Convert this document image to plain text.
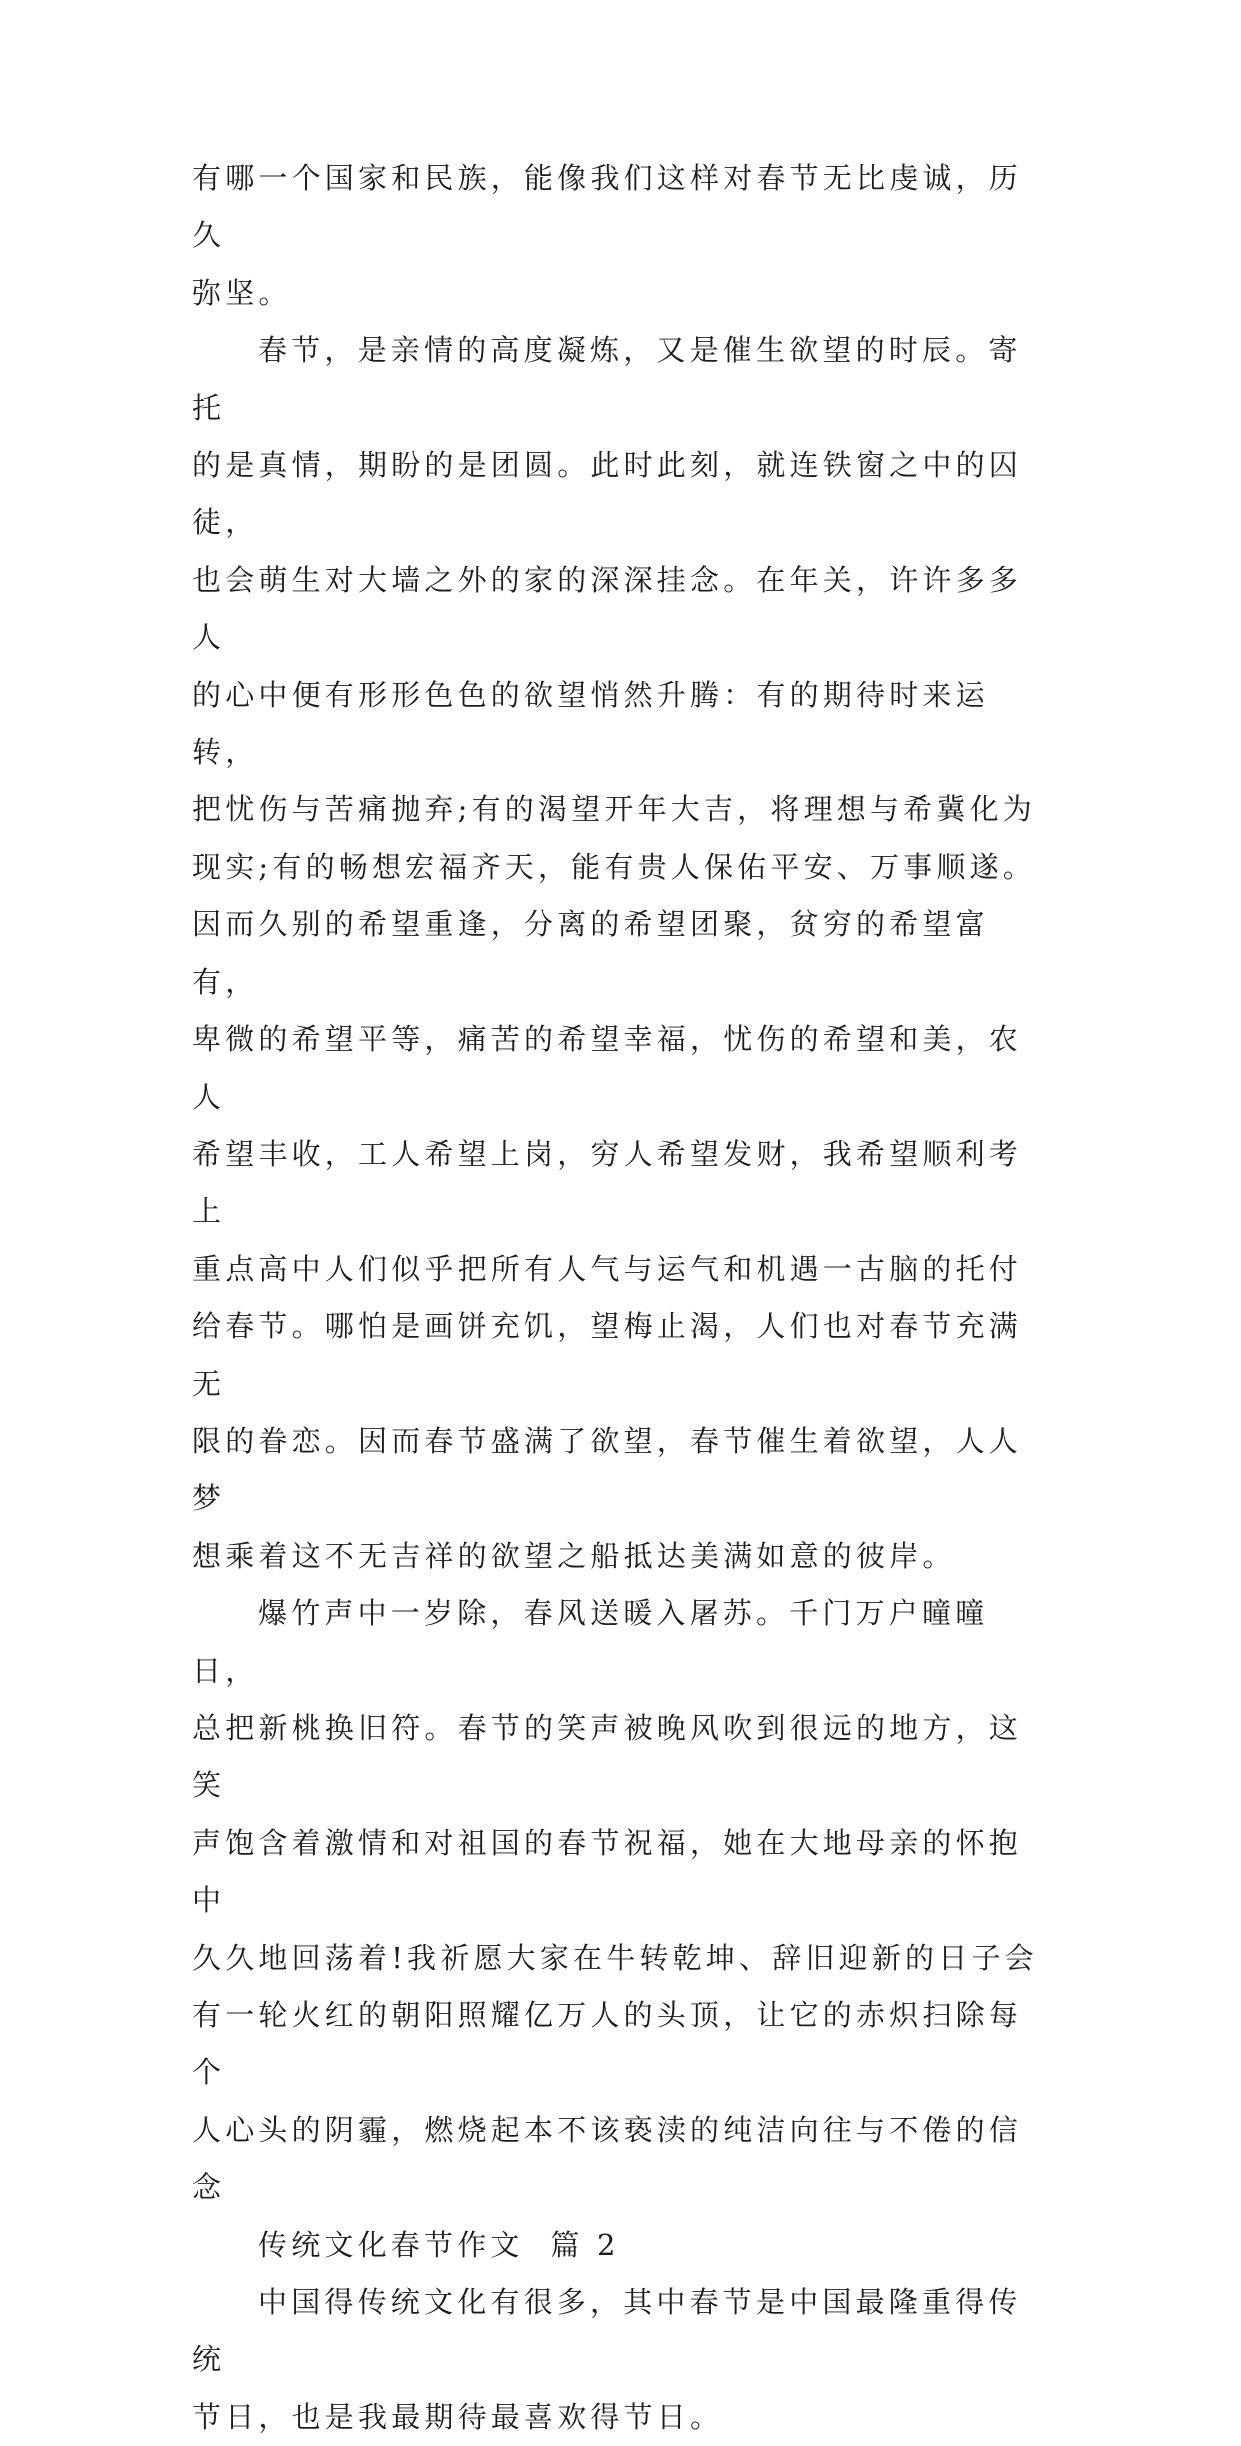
有哪一个国家和民族，能像我们这样对春节无比虔诚，历久
弥坚。

春节，是亲情的高度凝炼，又是催生欲望的时辰。寄托
的是真情，期盼的是团圆。此时此刻，就连铁窗之中的囚徒，
也会萌生对大墙之外的家的深深挂念。在年关，许许多多人
的心中便有形形色色的欲望悄然升腾：有的期待时来运转，
把忧伤与苦痛抛弃;有的渴望开年大吉，将理想与希冀化为
现实;有的畅想宏福齐天，能有贵人保佑平安、万事顺遂。
因而久别的希望重逢，分离的希望团聚，贫穷的希望富有，
卑微的希望平等，痛苦的希望幸福，忧伤的希望和美，农人
希望丰收，工人希望上岗，穷人希望发财，我希望顺利考上
重点高中人们似乎把所有人气与运气和机遇一古脑的托付
给春节。哪怕是画饼充饥，望梅止渴，人们也对春节充满无
限的眷恋。因而春节盛满了欲望，春节催生着欲望，人人梦
想乘着这不无吉祥的欲望之船抵达美满如意的彼岸。

爆竹声中一岁除，春风送暖入屠苏。千门万户曈曈日，
总把新桃换旧符。春节的笑声被晚风吹到很远的地方，这笑
声饱含着激情和对祖国的春节祝福，她在大地母亲的怀抱中
久久地回荡着!我祈愿大家在牛转乾坤、辞旧迎新的日子会
有一轮火红的朝阳照耀亿万人的头顶，让它的赤炽扫除每个
人心头的阴霾，燃烧起本不该亵渎的纯洁向往与不倦的信念

传统文化春节作文  篇 2

中国得传统文化有很多，其中春节是中国最隆重得传统
节日，也是我最期待最喜欢得节日。
